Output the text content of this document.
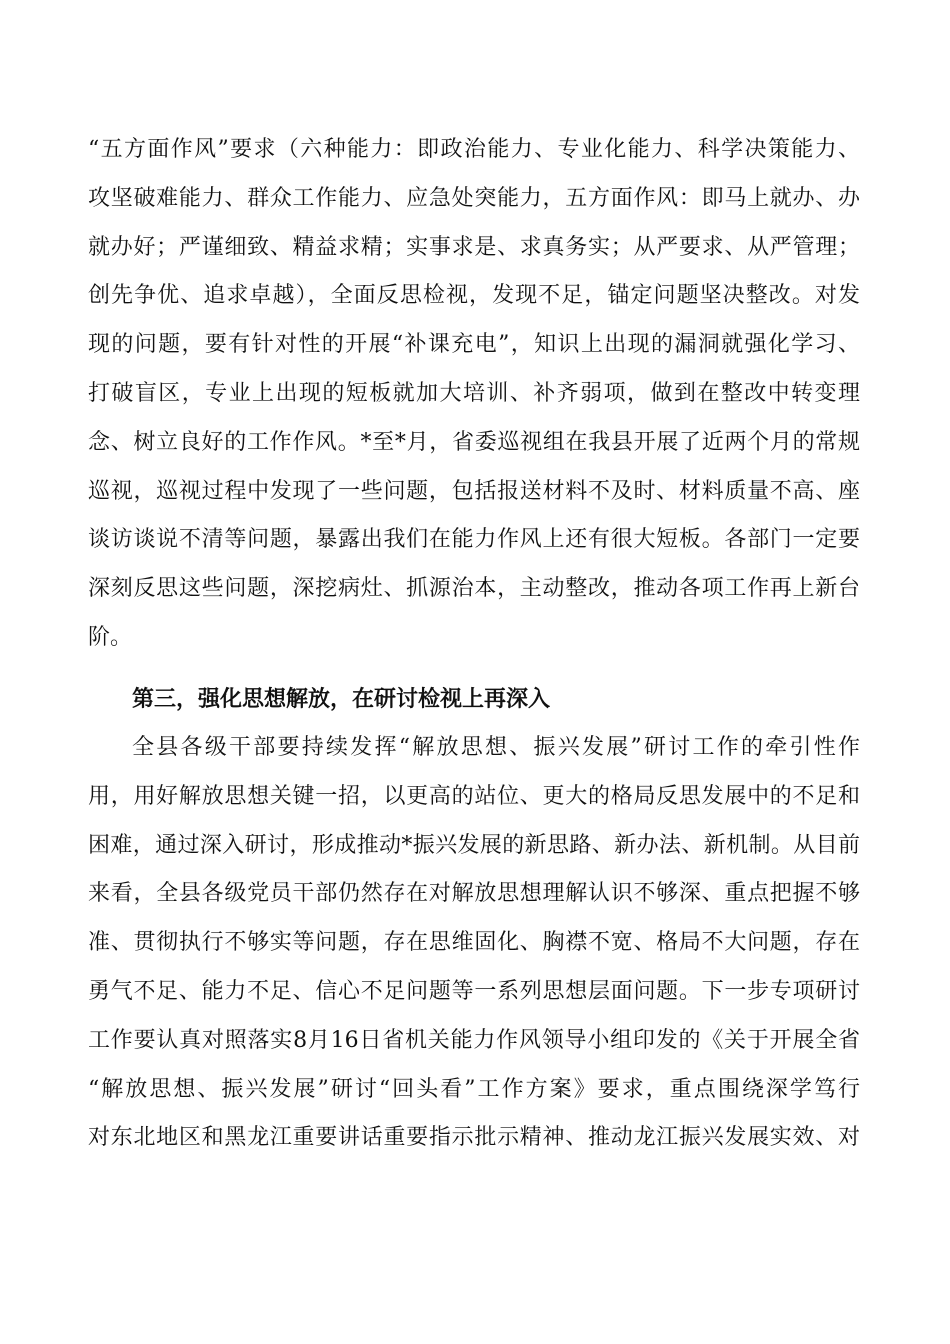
“五方面作风”要求（六种能力：即政治能力、专业化能力、科学决策能力、
攻坚破难能力、群众工作能力、应急处突能力，五方面作风：即马上就办、办
就办好；严谨细致、精益求精；实事求是、求真务实；从严要求、从严管理；
创先争优、追求卓越），全面反思检视，发现不足，锚定问题坚决整改。对发
现的问题，要有针对性的开展“补课充电”，知识上出现的漏洞就强化学习、
打破盲区，专业上出现的短板就加大培训、补齐弱项，做到在整改中转变理
念、树立良好的工作作风。*至*月，省委巡视组在我县开展了近两个月的常规
巡视，巡视过程中发现了一些问题，包括报送材料不及时、材料质量不高、座
谈访谈说不清等问题，暴露出我们在能力作风上还有很大短板。各部门一定要
深刻反思这些问题，深挖病灶、抓源治本，主动整改，推动各项工作再上新台
阶。
第三，强化思想解放，在研讨检视上再深入
全县各级干部要持续发挥“解放思想、振兴发展”研讨工作的牵引性作
用，用好解放思想关键一招，以更高的站位、更大的格局反思发展中的不足和
困难，通过深入研讨，形成推动*振兴发展的新思路、新办法、新机制。从目前
来看，全县各级党员干部仍然存在对解放思想理解认识不够深、重点把握不够
准、贯彻执行不够实等问题，存在思维固化、胸襟不宽、格局不大问题，存在
勇气不足、能力不足、信心不足问题等一系列思想层面问题。下一步专项研讨
工作要认真对照落实8月16日省机关能力作风领导小组印发的《关于开展全省
“解放思想、振兴发展”研讨“回头看”工作方案》要求，重点围绕深学笃行
对东北地区和黑龙江重要讲话重要指示批示精神、推动龙江振兴发展实效、对
